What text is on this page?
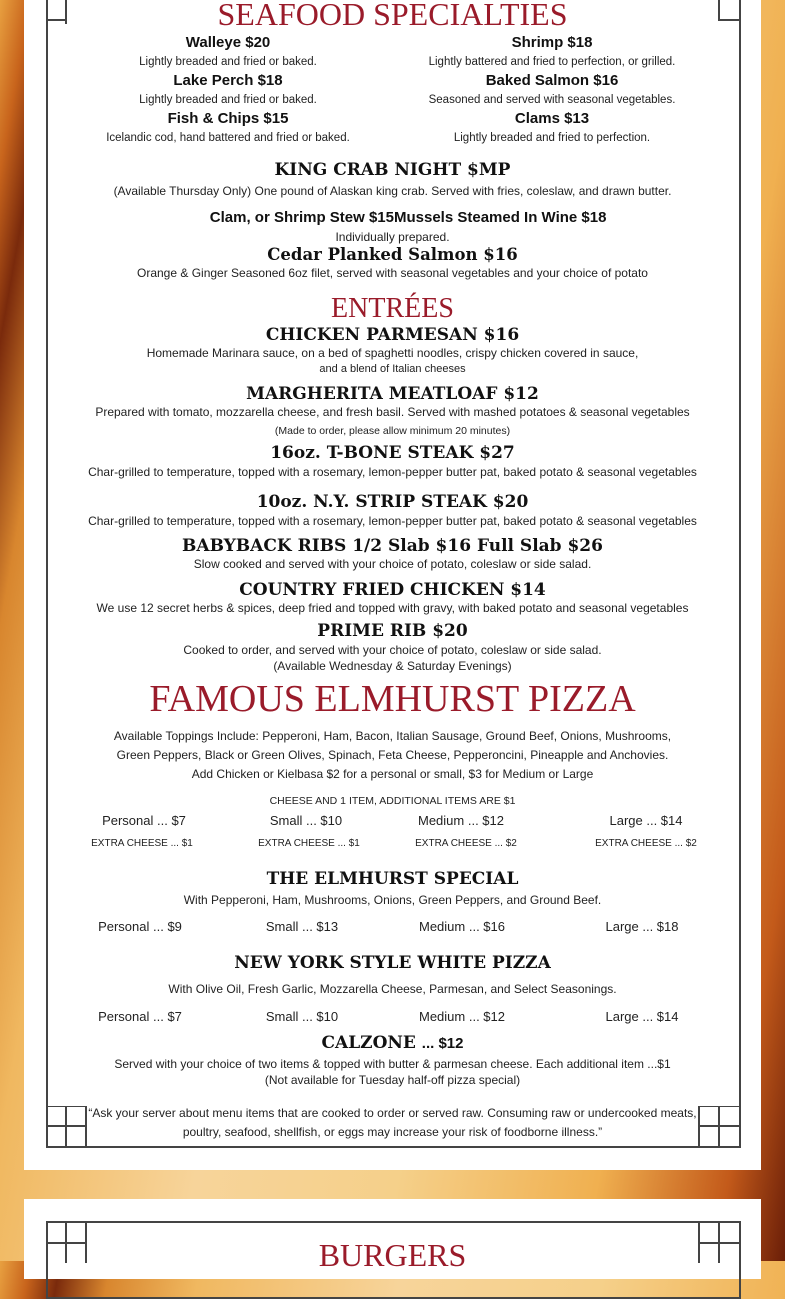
SEAFOOD SPECIALTIES
Walleye $20
Lightly breaded and fried or baked.
Lake Perch $18
Lightly breaded and fried or baked.
Fish & Chips $15
Icelandic cod, hand battered and fried or baked.
Shrimp $18
Lightly battered and fried to perfection, or grilled.
Baked Salmon $16
Seasoned and served with seasonal vegetables.
Clams $13
Lightly breaded and fried to perfection.
KING CRAB NIGHT $MP
(Available Thursday Only) One pound of Alaskan king crab. Served with fries, coleslaw, and drawn butter.
Clam, or Shrimp Stew $15 Mussels Steamed In Wine $18
Individually prepared.
Cedar Planked Salmon $16
Orange & Ginger Seasoned 6oz filet, served with seasonal vegetables and your choice of potato
ENTRÉES
CHICKEN PARMESAN $16
Homemade Marinara sauce, on a bed of spaghetti noodles, crispy chicken covered in sauce,
and a blend of Italian cheeses
MARGHERITA MEATLOAF $12
Prepared with tomato, mozzarella cheese, and fresh basil. Served with mashed potatoes & seasonal vegetables
(Made to order, please allow minimum 20 minutes)
16oz. T-BONE STEAK $27
Char-grilled to temperature, topped with a rosemary, lemon-pepper butter pat, baked potato & seasonal vegetables
10oz. N.Y. STRIP STEAK $20
Char-grilled to temperature, topped with a rosemary, lemon-pepper butter pat, baked potato & seasonal vegetables
BABYBACK RIBS 1/2 Slab $16 Full Slab $26
Slow cooked and served with your choice of potato, coleslaw or side salad.
COUNTRY FRIED CHICKEN $14
We use 12 secret herbs & spices, deep fried and topped with gravy, with baked potato and seasonal vegetables
PRIME RIB $20
Cooked to order, and served with your choice of potato, coleslaw or side salad.
(Available Wednesday & Saturday Evenings)
FAMOUS ELMHURST PIZZA
Available Toppings Include: Pepperoni, Ham, Bacon, Italian Sausage, Ground Beef, Onions, Mushrooms,
Green Peppers, Black or Green Olives, Spinach, Feta Cheese, Pepperoncini, Pineapple and Anchovies.
Add Chicken or Kielbasa $2 for a personal or small, $3 for Medium or Large
CHEESE AND 1 ITEM, ADDITIONAL ITEMS ARE $1
Personal ... $7	Small ... $10	Medium ... $12	Large ... $14
EXTRA CHEESE ... $1	EXTRA CHEESE ... $1	EXTRA CHEESE ... $2	EXTRA CHEESE ... $2
THE ELMHURST SPECIAL
With Pepperoni, Ham, Mushrooms, Onions, Green Peppers, and Ground Beef.
Personal ... $9	Small ... $13	Medium ... $16	Large ... $18
NEW YORK STYLE WHITE PIZZA
With Olive Oil, Fresh Garlic, Mozzarella Cheese, Parmesan, and Select Seasonings.
Personal ... $7	Small ... $10	Medium ... $12	Large ... $14
CALZONE ... $12
Served with your choice of two items & topped with butter & parmesan cheese. Each additional item ...$1
(Not available for Tuesday half-off pizza special)
“Ask your server about menu items that are cooked to order or served raw. Consuming raw or undercooked meats,
poultry, seafood, shellfish, or eggs may increase your risk of foodborne illness.”
BURGERS
